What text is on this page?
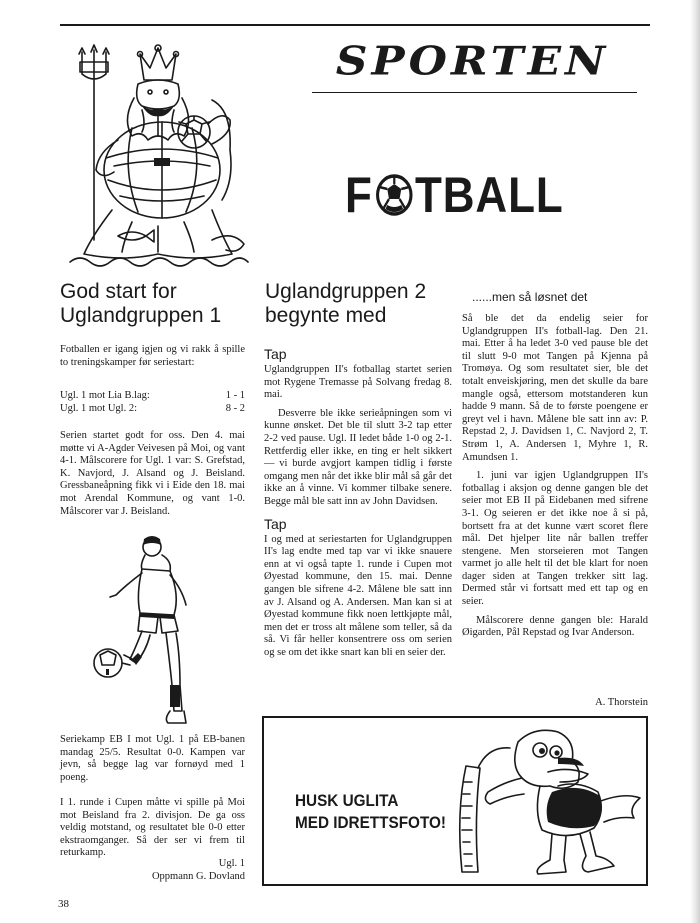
SPORTEN
F TBALL
God start for
Uglandgruppen 1
Fotballen er igang igjen og vi rakk å spille to treningskamper før seriestart:
Ugl. 1 mot Lia B.lag:	1 - 1
Ugl. 1 mot Ugl. 2:	8 - 2
Serien startet godt for oss. Den 4. mai møtte vi A-Agder Veivesen på Moi, og vant 4-1. Målscorere for Ugl. 1 var: S. Grefstad, K. Navjord, J. Alsand og J. Beisland. Gressbaneåpning fikk vi i Eide den 18. mai mot Arendal Kommune, og vant 1-0. Målscorer var J. Beisland.
Seriekamp EB I mot Ugl. 1 på EB-banen mandag 25/5. Resultat 0-0. Kampen var jevn, så begge lag var fornøyd med 1 poeng.
I 1. runde i Cupen måtte vi spille på Moi mot Beisland fra 2. divisjon. De ga oss veldig motstand, og resultatet ble 0-0 etter ekstraomganger. Så der ser vi frem til returkamp.
Ugl. 1
Oppmann G. Dovland
Uglandgruppen 2
begynte med
Tap

Uglandgruppen II's fotballag startet serien mot Rygene Tremasse på Solvang fredag 8. mai.

Desverre ble ikke serieåpningen som vi kunne ønsket. Det ble til slutt 3-2 tap etter 2-2 ved pause. Ugl. II ledet både 1-0 og 2-1. Rettferdig eller ikke, en ting er helt sikkert — vi burde avgjort kampen tidlig i første omgang men når det ikke blir mål så går det ikke an å vinne. Vi kommer tilbake senere. Begge mål ble satt inn av John Davidsen.

Tap

I og med at seriestarten for Uglandgruppen II's lag endte med tap var vi ikke snauere enn at vi også tapte 1. runde i Cupen mot Øyestad kommune, den 15. mai. Denne gangen ble sifrene 4-2. Målene ble satt inn av J. Alsand og A. Andersen. Man kan si at Øyestad kommune fikk noen lettkjøpte mål, men det er tross alt målene som teller, så da så. Vi får heller konsentrere oss om serien og se om det ikke snart kan bli en seier der.

......men så løsnet det

Så ble det da endelig seier for Uglandgruppen II's fotball-lag. Den 21. mai. Etter å ha ledet 3-0 ved pause ble det til slutt 9-0 mot Tangen på Kjenna på Tromøya. Og som resultatet sier, ble det totalt enveiskjøring, men det skulle da bare mangle også, ettersom motstanderen kun hadde 9 mann. Så de to første poengene er greyt vel i havn. Målene ble satt inn av: P. Repstad 2, J. Davidsen 1, C. Navjord 2, T. Strøm 1, A. Andersen 1, Myhre 1, R. Amundsen 1.

1. juni var igjen Uglandgruppen II's fotballag i aksjon og denne gangen ble det seier mot EB II på Eidebanen med sifrene 3-1. Og seieren er det ikke noe å si på, bortsett fra at det kunne vært scoret flere mål. Det hjelper lite når ballen treffer stengene. Men storseieren mot Tangen varmet jo alle helt til det ble klart for noen dager siden at Tangen trekker sitt lag. Dermed står vi fortsatt med ett tap og en seier.

Målscorere denne gangen ble: Harald Øigarden, Pål Repstad og Ivar Anderson.

A. Thorstein
HUSK UGLITA
MED IDRETTSFOTO!
38
